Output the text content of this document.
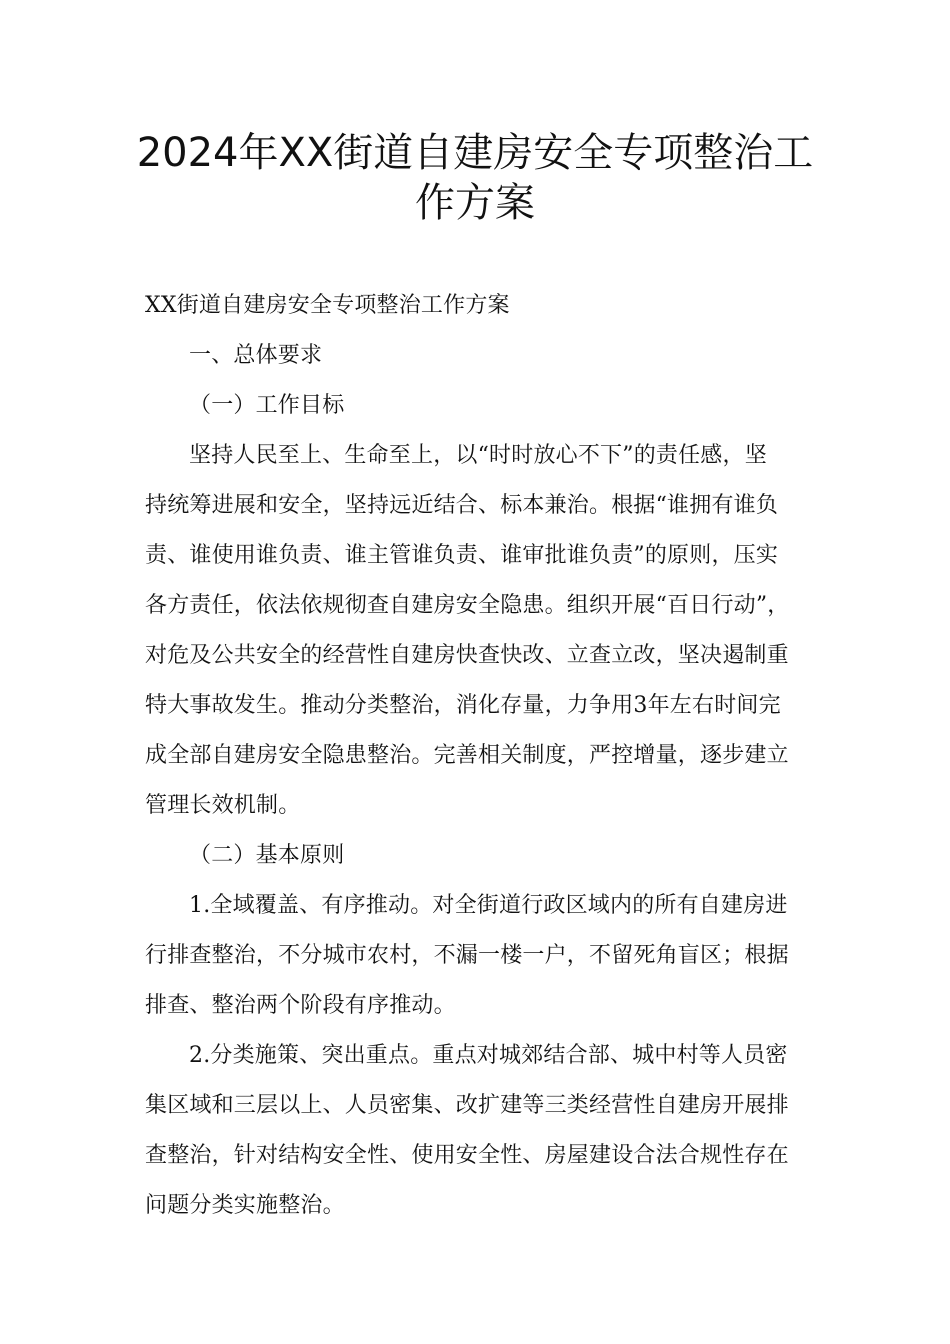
2024年XX街道自建房安全专项整治工
作方案

XX街道自建房安全专项整治工作方案

一、总体要求

（一）工作目标

坚持人民至上、生命至上，以“时时放心不下”的责任感，坚

持统筹进展和安全，坚持远近结合、标本兼治。根据“谁拥有谁负

责、谁使用谁负责、谁主管谁负责、谁审批谁负责”的原则，压实

各方责任，依法依规彻查自建房安全隐患。组织开展“百日行动”，

对危及公共安全的经营性自建房快查快改、立查立改，坚决遏制重

特大事故发生。推动分类整治，消化存量，力争用3年左右时间完

成全部自建房安全隐患整治。完善相关制度，严控增量，逐步建立

管理长效机制。

（二）基本原则

1.全域覆盖、有序推动。对全街道行政区域内的所有自建房进

行排查整治，不分城市农村，不漏一楼一户，不留死角盲区；根据

排查、整治两个阶段有序推动。

2.分类施策、突出重点。重点对城郊结合部、城中村等人员密

集区域和三层以上、人员密集、改扩建等三类经营性自建房开展排

查整治，针对结构安全性、使用安全性、房屋建设合法合规性存在

问题分类实施整治。
